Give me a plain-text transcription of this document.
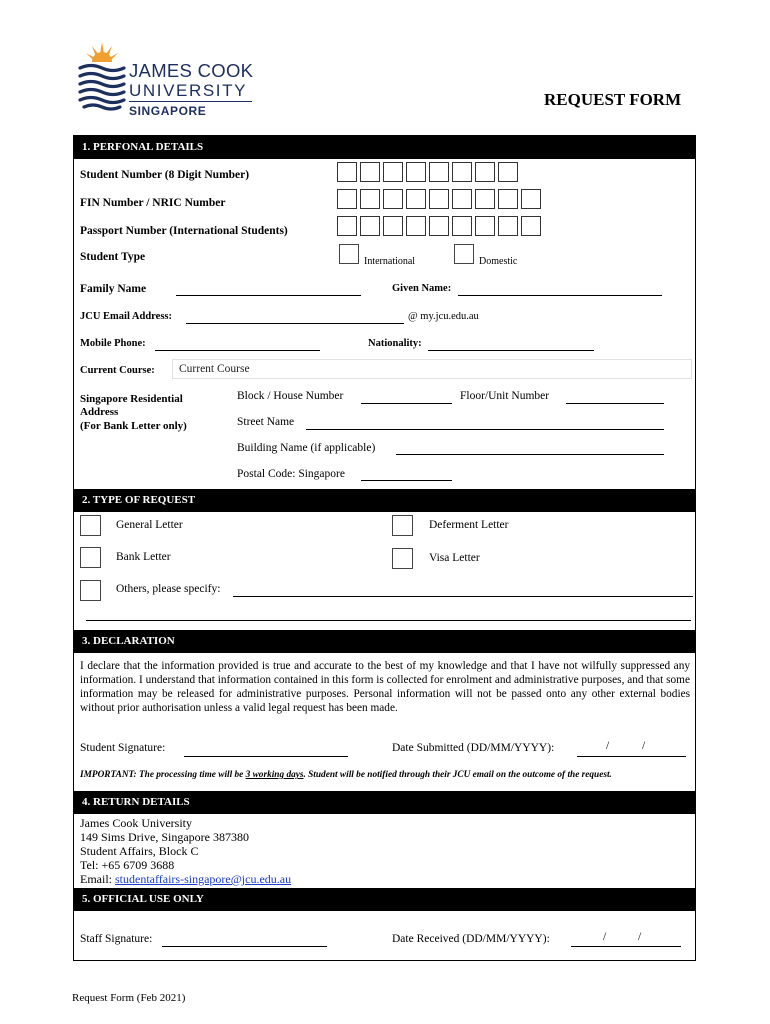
JAMES COOK
UNIVERSITY
SINGAPORE
REQUEST FORM
1. PERFONAL DETAILS
Student Number (8 Digit Number)
FIN Number / NRIC Number
Passport Number (International Students)
Student Type	International	Domestic
Family Name	Given Name:
JCU Email Address:	@ my.jcu.edu.au
Mobile Phone:	Nationality:
Current Course:	Current Course
Singapore Residential
Address
(For Bank Letter only)
Block / House Number	Floor/Unit Number
Street Name
Building Name (if applicable)
Postal Code: Singapore
2. TYPE OF REQUEST
General Letter	Deferment Letter
Bank Letter	Visa Letter
Others, please specify:
3. DECLARATION
I declare that the information provided is true and accurate to the best of my knowledge and that I have not wilfully suppressed any information. I understand that information contained in this form is collected for enrolment and administrative purposes, and that some information may be released for administrative purposes. Personal information will not be passed onto any other external bodies without prior authorisation unless a valid legal request has been made.
Student Signature:	Date Submitted (DD/MM/YYYY):	/	/
IMPORTANT: The processing time will be 3 working days. Student will be notified through their JCU email on the outcome of the request.
4. RETURN DETAILS
James Cook University
149 Sims Drive, Singapore 387380
Student Affairs, Block C
Tel: +65 6709 3688
Email: studentaffairs-singapore@jcu.edu.au
5. OFFICIAL USE ONLY
Staff Signature:	Date Received (DD/MM/YYYY):	/	/
Request Form (Feb 2021)
